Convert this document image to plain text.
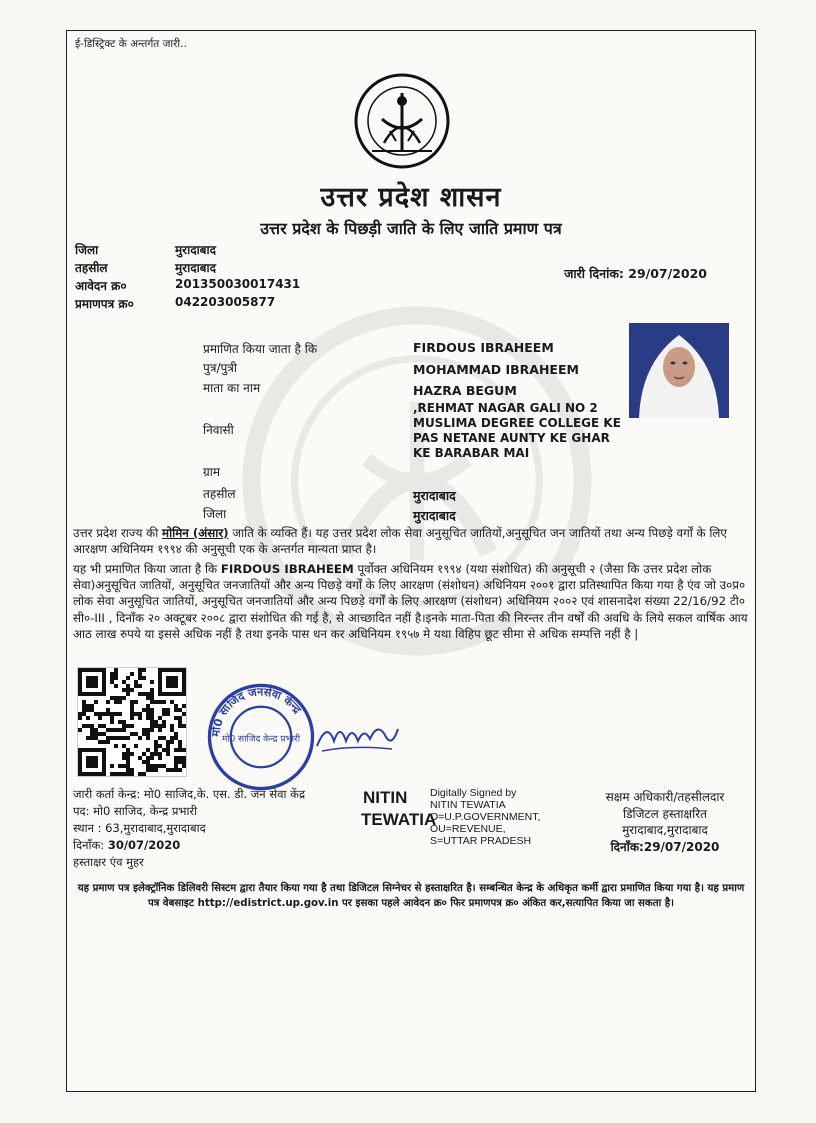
ई-डिस्ट्रिक्ट के अन्तर्गत जारी..
उत्तर प्रदेश शासन
उत्तर प्रदेश के पिछड़ी जाति के लिए जाति प्रमाण पत्र
जिला	मुरादाबाद
तहसील	मुरादाबाद
आवेदन क्र०	201350030017431
प्रमाणपत्र क्र०	042203005877
जारी दिनांक: 29/07/2020
प्रमाणित किया जाता है कि	FIRDOUS IBRAHEEM
पुत्र/पुत्री	MOHAMMAD IBRAHEEM
माता का नाम	HAZRA BEGUM
निवासी
,REHMAT NAGAR GALI NO 2 MUSLIMA DEGREE COLLEGE KE PAS NETANE AUNTY KE GHAR KE BARABAR MAI
ग्राम
तहसील	मुरादाबाद
जिला	मुरादाबाद
उत्तर प्रदेश राज्य की मोमिन (अंसार) जाति के व्यक्ति हैं। यह उत्तर प्रदेश लोक सेवा अनुसूचित जातियों,अनुसूचित जन जातियों तथा अन्य पिछड़े वर्गों के लिए आरक्षण अधिनियम १९९४ की अनुसूची एक के अन्तर्गत मान्यता प्राप्त है।
यह भी प्रमाणित किया जाता है कि FIRDOUS IBRAHEEM पूर्वोक्त अधिनियम १९९४ (यथा संशोधित) की अनुसूची २ (जैसा कि उत्तर प्रदेश लोक सेवा)अनुसूचित जातियों, अनुसूचित जनजातियों और अन्य पिछड़े वर्गों के लिए आरक्षण (संशोधन) अधिनियम २००१ द्वारा प्रतिस्थापित किया गया है एंव जो उ०प्र० लोक सेवा अनुसूचित जातियों, अनुसूचित जनजातियों और अन्य पिछड़े वर्गों के लिए आरक्षण (संशोधन) अधिनियम २००२ एवं शासनादेश संख्या 22/16/92 टी० सी०-III , दिनाँक २० अक्टूबर २००८ द्वारा संशोधित की गई है, से आच्छादित नहीं है।इनके माता-पिता की निरन्तर तीन वर्षों की अवधि के लिये सकल वार्षिक आय आठ लाख रुपये या इससे अधिक नहीं है तथा इनके पास धन कर अधिनियम १९५७ मे यथा विहिप छूट सीमा से अधिक सम्पत्ति नहीं है |
मो0 साजिद जनसेवा केन्द्र
मो0 साजिद केन्द्र प्रभारी
जारी कर्ता केन्द्र: मो0 साजिद,के. एस. डी. जन सेवा केंद्र
पद: मो0 साजिद, केन्द्र प्रभारी
स्थान : 63,मुरादाबाद,मुरादाबाद
दिनाँक: 30/07/2020
हस्ताक्षर एंव मुहर
NITIN
TEWATIA
Digitally Signed by
NITIN TEWATIA
O=U.P.GOVERNMENT,
OU=REVENUE,
S=UTTAR PRADESH
सक्षम अधिकारी/तहसीलदार
डिजिटल हस्ताक्षरित
मुरादाबाद,मुरादाबाद
दिनाँक:29/07/2020
यह प्रमाण पत्र इलेक्ट्रॉनिक डिलिवरी सिस्टम द्वारा तैयार किया गया है तथा डिजिटल सिग्नेचर से हस्ताक्षरित है। सम्बन्धित केन्द्र के अधिकृत कर्मी द्वारा प्रमाणित किया गया है। यह प्रमाण पत्र वेबसाइट http://edistrict.up.gov.in पर इसका पहले आवेदन क्र० फिर प्रमाणपत्र क्र० अंकित कर,सत्यापित किया जा सकता है।
